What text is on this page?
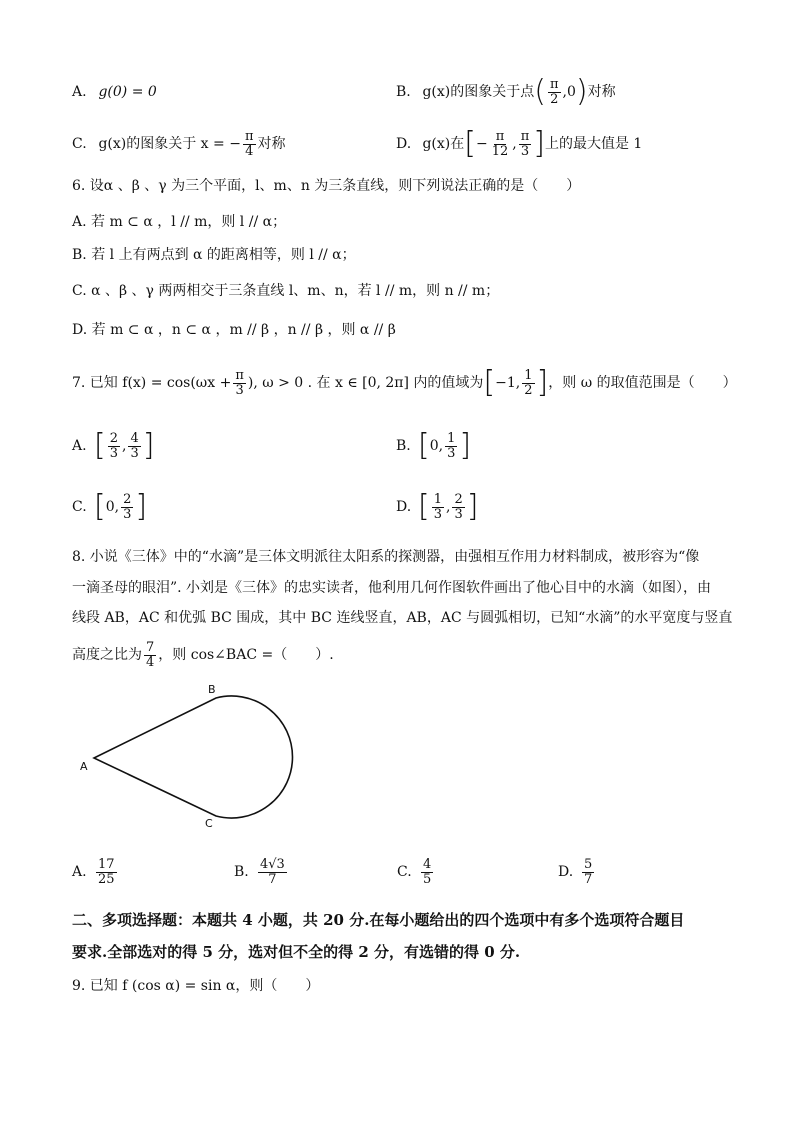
A. g(0) = 0	B. g(x)的图象关于点( $\frac{\pi}{2} ,0$)对称
C. g(x)的图象关于 x = − $\frac{\pi}{4}$ 对称	D. g(x)在[− $\frac{\pi}{12}$ , $\frac{\pi}{3}$ ]上的最大值是 1
6. 设α 、β 、γ 为三个平面，l、m、n 为三条直线，则下列说法正确的是（　　）
A. 若 m ⊂ α ，l // m，则 l // α；
B. 若 l 上有两点到 α 的距离相等，则 l // α；
C. α 、β 、γ 两两相交于三条直线 l、m、n，若 l // m，则 n // m；
D. 若 m ⊂ α ，n ⊂ α ，m // β ，n // β ，则 α // β
7. 已知 $f(x) = \cos(\omega x + \frac{\pi}{3}$ ), ω > 0 . 在 x ∈ [0, 2π] 内的值域为[−1, $\frac{1}{2}$ ]，则 ω 的取值范围是（　　）
A. [ $\frac{2}{3}$ , $\frac{4}{3}$ ]	B. [0, $\frac{1}{3}$ ]
C. [0, $\frac{2}{3}$ ]	D. [ $\frac{1}{3}$ , $\frac{2}{3}$ ]
8. 小说《三体》中的“水滴”是三体文明派往太阳系的探测器，由强相互作用力材料制成，被形容为“像
一滴圣母的眼泪”. 小刘是《三体》的忠实读者，他利用几何作图软件画出了他心目中的水滴（如图），由
线段 AB，AC 和优弧 BC 围成，其中 BC 连线竖直，AB，AC 与圆弧相切，已知“水滴”的水平宽度与竖直
高度之比为 $\frac{7}{4}$ ，则 cos∠BAC =（　　）.
A
B
C
A. $\frac{17}{25}$	B. $\frac{4√3}{7}$	C. $\frac{4}{5}$	D. $\frac{5}{7}$
二、多项选择题：本题共 4 小题，共 20 分.在每小题给出的四个选项中有多个选项符合题目
要求.全部选对的得 5 分，选对但不全的得 2 分，有选错的得 0 分.
9. 已知 f (cos α) = sin α，则（　　）
